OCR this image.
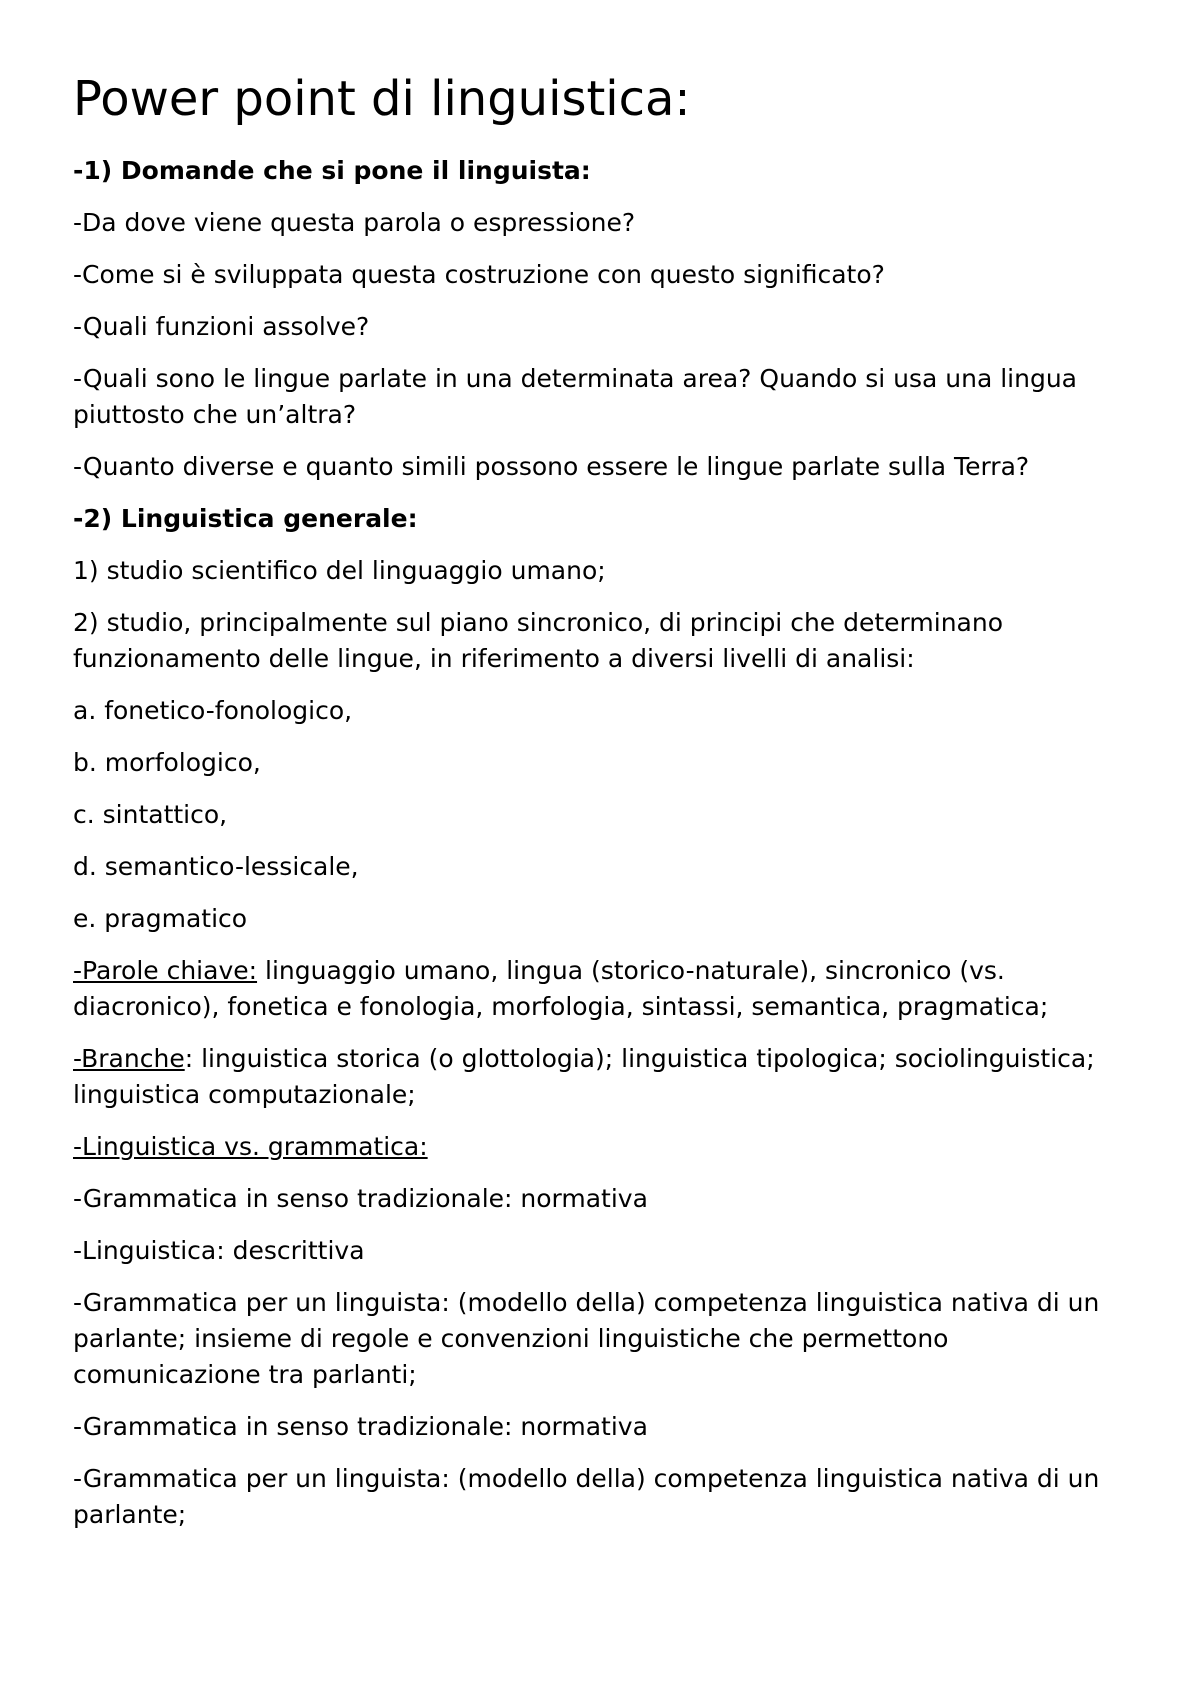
Power point di linguistica:

-1) Domande che si pone il linguista:

-Da dove viene questa parola o espressione?

-Come si è sviluppata questa costruzione con questo significato?

-Quali funzioni assolve?

-Quali sono le lingue parlate in una determinata area? Quando si usa una lingua piuttosto che un’altra?

-Quanto diverse e quanto simili possono essere le lingue parlate sulla Terra?

-2) Linguistica generale:

1) studio scientifico del linguaggio umano;

2) studio, principalmente sul piano sincronico, di principi che determinano funzionamento delle lingue, in riferimento a diversi livelli di analisi:

a. fonetico-fonologico,

b. morfologico,

c. sintattico,

d. semantico-lessicale,

e. pragmatico

-Parole chiave: linguaggio umano, lingua (storico-naturale), sincronico (vs. diacronico), fonetica e fonologia, morfologia, sintassi, semantica, pragmatica;

-Branche: linguistica storica (o glottologia); linguistica tipologica; sociolinguistica; linguistica computazionale;

-Linguistica vs. grammatica:

-Grammatica in senso tradizionale: normativa

-Linguistica: descrittiva

-Grammatica per un linguista: (modello della) competenza linguistica nativa di un parlante; insieme di regole e convenzioni linguistiche che permettono comunicazione tra parlanti;

-Grammatica in senso tradizionale: normativa

-Grammatica per un linguista: (modello della) competenza linguistica nativa di un parlante;
